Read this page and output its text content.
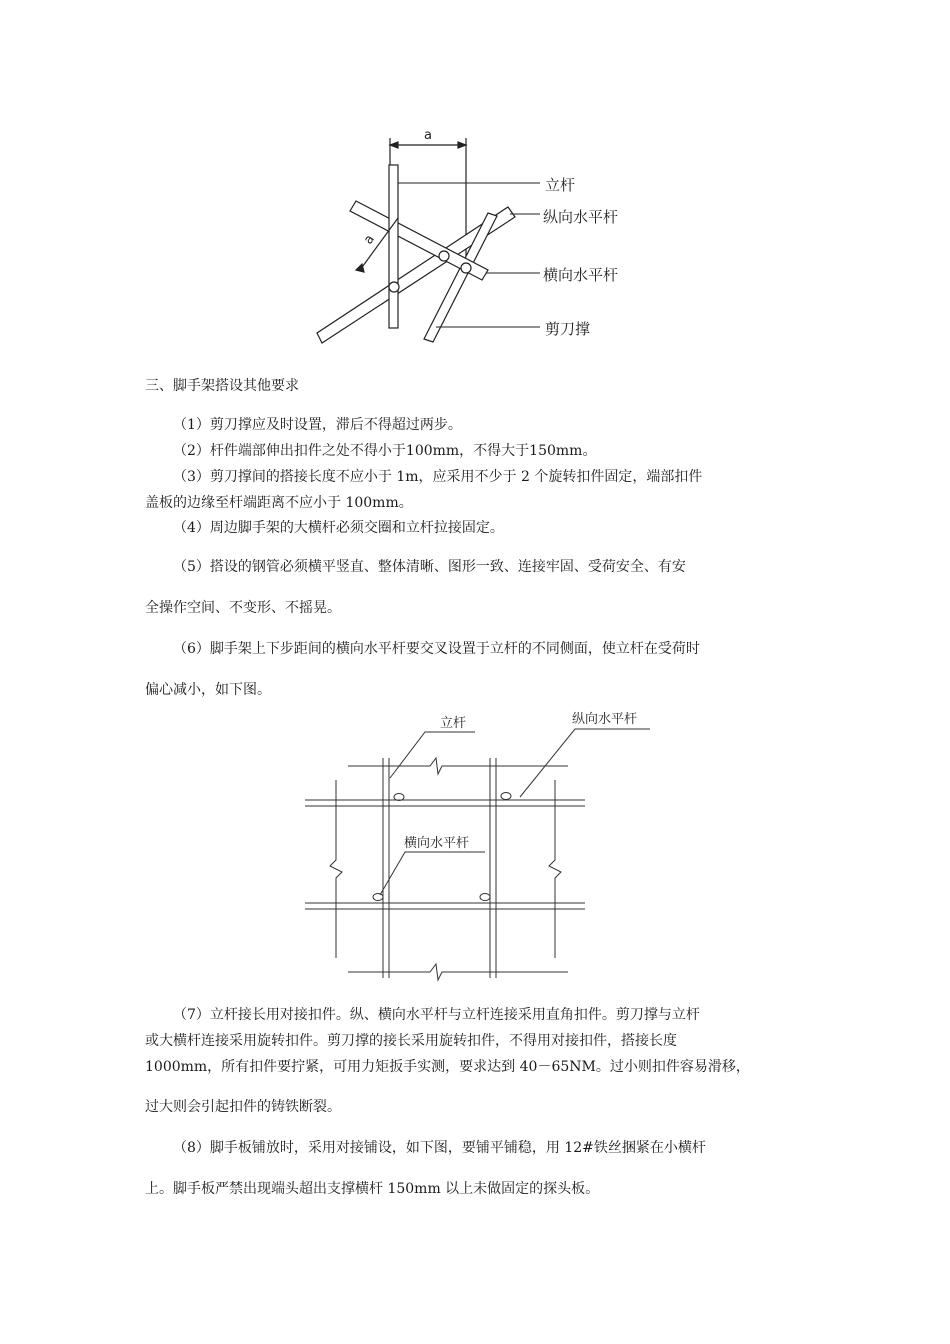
a
a
立杆
纵向水平杆
横向水平杆
剪刀撑

三、脚手架搭设其他要求

（1）剪刀撑应及时设置，滞后不得超过两步。

（2）杆件端部伸出扣件之处不得小于100mm，不得大于150mm。

（3）剪刀撑间的搭接长度不应小于 1m，应采用不少于 2 个旋转扣件固定，端部扣件

盖板的边缘至杆端距离不应小于 100mm。

（4）周边脚手架的大横杆必须交圈和立杆拉接固定。

（5）搭设的钢管必须横平竖直、整体清晰、图形一致、连接牢固、受荷安全、有安

全操作空间、不变形、不摇晃。

（6）脚手架上下步距间的横向水平杆要交叉设置于立杆的不同侧面，使立杆在受荷时

偏心减小，如下图。

立杆	纵向水平杆
横向水平杆

（7）立杆接长用对接扣件。纵、横向水平杆与立杆连接采用直角扣件。剪刀撑与立杆

或大横杆连接采用旋转扣件。剪刀撑的接长采用旋转扣件，不得用对接扣件，搭接长度

1000mm，所有扣件要拧紧，可用力矩扳手实测，要求达到 40－65NM。过小则扣件容易滑移，

过大则会引起扣件的铸铁断裂。

（8）脚手板铺放时，采用对接铺设，如下图，要铺平铺稳，用 12#铁丝捆紧在小横杆

上。脚手板严禁出现端头超出支撑横杆 150mm 以上未做固定的探头板。
